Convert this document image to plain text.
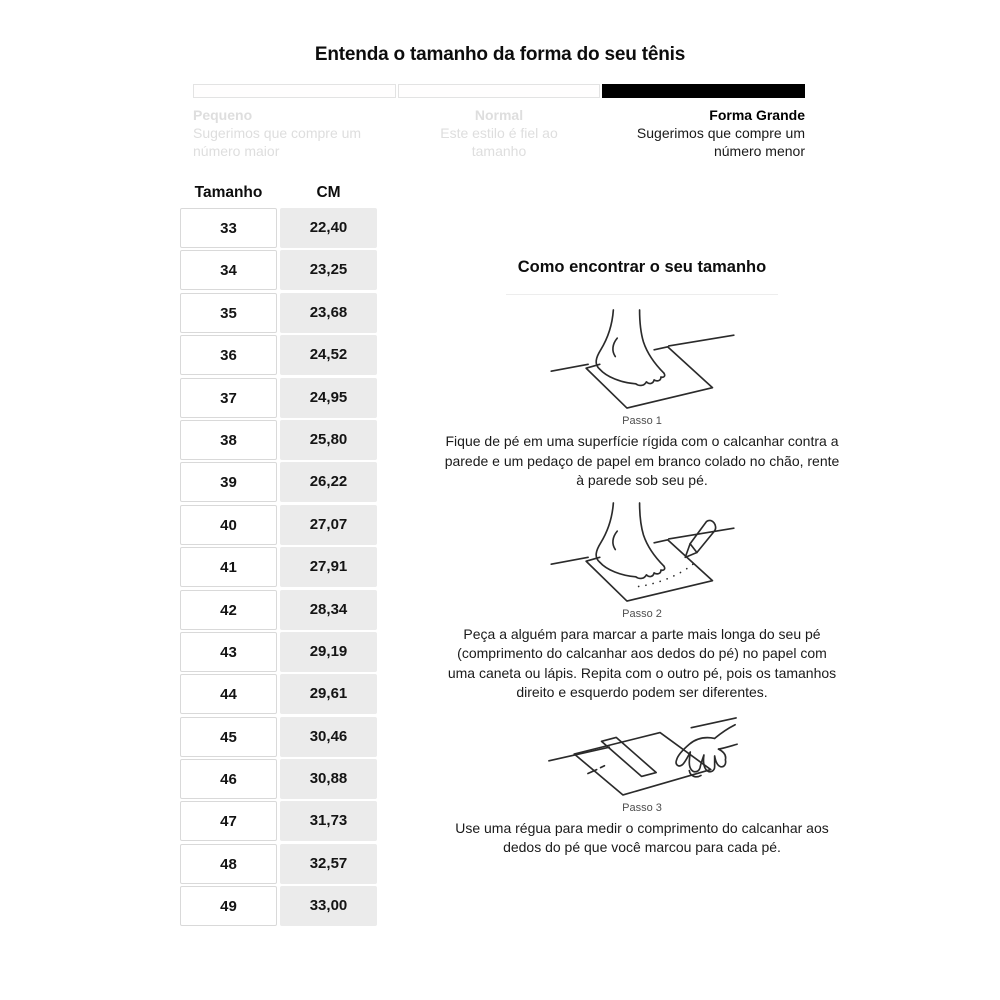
Entenda o tamanho da forma do seu tênis
Pequeno
Sugerimos que compre um número maior
Normal
Este estilo é fiel ao tamanho
Forma Grande
Sugerimos que compre um número menor
Tamanho	CM
33	22,40
34	23,25
35	23,68
36	24,52
37	24,95
38	25,80
39	26,22
40	27,07
41	27,91
42	28,34
43	29,19
44	29,61
45	30,46
46	30,88
47	31,73
48	32,57
49	33,00
Como encontrar o seu tamanho
Passo 1
Fique de pé em uma superfície rígida com o calcanhar contra a parede e um pedaço de papel em branco colado no chão, rente à parede sob seu pé.
Passo 2
Peça a alguém para marcar a parte mais longa do seu pé (comprimento do calcanhar aos dedos do pé) no papel com uma caneta ou lápis. Repita com o outro pé, pois os tamanhos direito e esquerdo podem ser diferentes.
Passo 3
Use uma régua para medir o comprimento do calcanhar aos dedos do pé que você marcou para cada pé.
